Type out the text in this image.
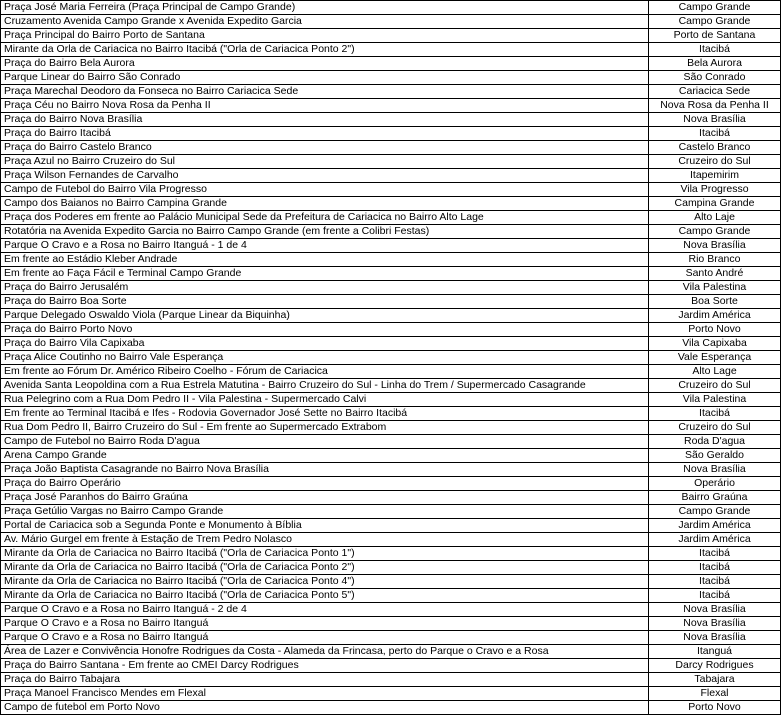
Praça José Maria Ferreira (Praça Principal de Campo Grande)	Campo Grande
Cruzamento Avenida Campo Grande x Avenida Expedito Garcia	Campo Grande
Praça Principal do Bairro Porto de Santana	Porto de Santana
Mirante da Orla de Cariacica no Bairro Itacibá ("Orla de Cariacica Ponto 2")	Itacibá
Praça do Bairro Bela Aurora	Bela Aurora
Parque Linear do Bairro São Conrado	São Conrado
Praça Marechal Deodoro da Fonseca no Bairro Cariacica Sede	Cariacica Sede
Praça Céu no Bairro Nova Rosa da Penha II	Nova Rosa da Penha II
Praça do Bairro Nova Brasília	Nova Brasília
Praça do Bairro Itacibá	Itacibá
Praça do Bairro Castelo Branco	Castelo Branco
Praça Azul no Bairro Cruzeiro do Sul	Cruzeiro do Sul
Praça Wilson Fernandes de Carvalho	Itapemirim
Campo de Futebol do Bairro Vila Progresso	Vila Progresso
Campo dos Baianos no Bairro Campina Grande	Campina Grande
Praça dos Poderes em frente ao Palácio Municipal Sede da Prefeitura de Cariacica no Bairro Alto Lage	Alto Laje
Rotatória na Avenida Expedito Garcia no Bairro Campo Grande (em frente a Colibri Festas)	Campo Grande
Parque O Cravo e a Rosa no Bairro Itanguá - 1 de 4	Nova Brasília
Em frente ao Estádio Kleber Andrade	Rio Branco
Em frente ao Faça Fácil e Terminal Campo Grande	Santo André
Praça do Bairro Jerusalém	Vila Palestina
Praça do Bairro Boa Sorte	Boa Sorte
Parque Delegado Oswaldo Viola (Parque Linear da Biquinha)	Jardim América
Praça do Bairro Porto Novo	Porto Novo
Praça do Bairro Vila Capixaba	Vila Capixaba
Praça Alice Coutinho no Bairro Vale Esperança	Vale Esperança
Em frente ao Fórum Dr. Américo Ribeiro Coelho - Fórum de Cariacica	Alto Lage
Avenida Santa Leopoldina com a Rua Estrela Matutina - Bairro Cruzeiro do Sul - Linha do Trem / Supermercado Casagrande	Cruzeiro do Sul
Rua Pelegrino com a Rua Dom Pedro II - Vila Palestina - Supermercado Calvi	Vila Palestina
Em frente ao Terminal Itacibá e Ifes - Rodovia Governador José Sette no Bairro Itacibá	Itacibá
Rua Dom Pedro II, Bairro Cruzeiro do Sul - Em frente ao Supermercado Extrabom	Cruzeiro do Sul
Campo de Futebol no Bairro Roda D'agua	Roda D'agua
Arena Campo Grande	São Geraldo
Praça João Baptista Casagrande no Bairro Nova Brasília	Nova Brasília
Praça do Bairro Operário	Operário
Praça José Paranhos do Bairro Graúna	Bairro Graúna
Praça Getúlio Vargas no Bairro Campo Grande	Campo Grande
Portal de Cariacica sob a Segunda Ponte e Monumento à Bíblia	Jardim América
Av. Mário Gurgel em frente à Estação de Trem Pedro Nolasco	Jardim América
Mirante da Orla de Cariacica no Bairro Itacibá ("Orla de Cariacica Ponto 1")	Itacibá
Mirante da Orla de Cariacica no Bairro Itacibá ("Orla de Cariacica Ponto 2")	Itacibá
Mirante da Orla de Cariacica no Bairro Itacibá ("Orla de Cariacica Ponto 4")	Itacibá
Mirante da Orla de Cariacica no Bairro Itacibá ("Orla de Cariacica Ponto 5")	Itacibá
Parque O Cravo e a Rosa no Bairro Itanguá - 2 de 4	Nova Brasília
Parque O Cravo e a Rosa no Bairro Itanguá	Nova Brasília
Parque O Cravo e a Rosa no Bairro Itanguá	Nova Brasília
Área de Lazer e Convivência Honofre Rodrigues da Costa - Alameda da Frincasa, perto do Parque o Cravo e a Rosa	Itanguá
Praça do Bairro Santana - Em frente ao CMEI Darcy Rodrigues	Darcy Rodrigues
Praça do Bairro Tabajara	Tabajara
Praça Manoel Francisco Mendes em Flexal	Flexal
Campo de futebol em Porto Novo	Porto Novo
